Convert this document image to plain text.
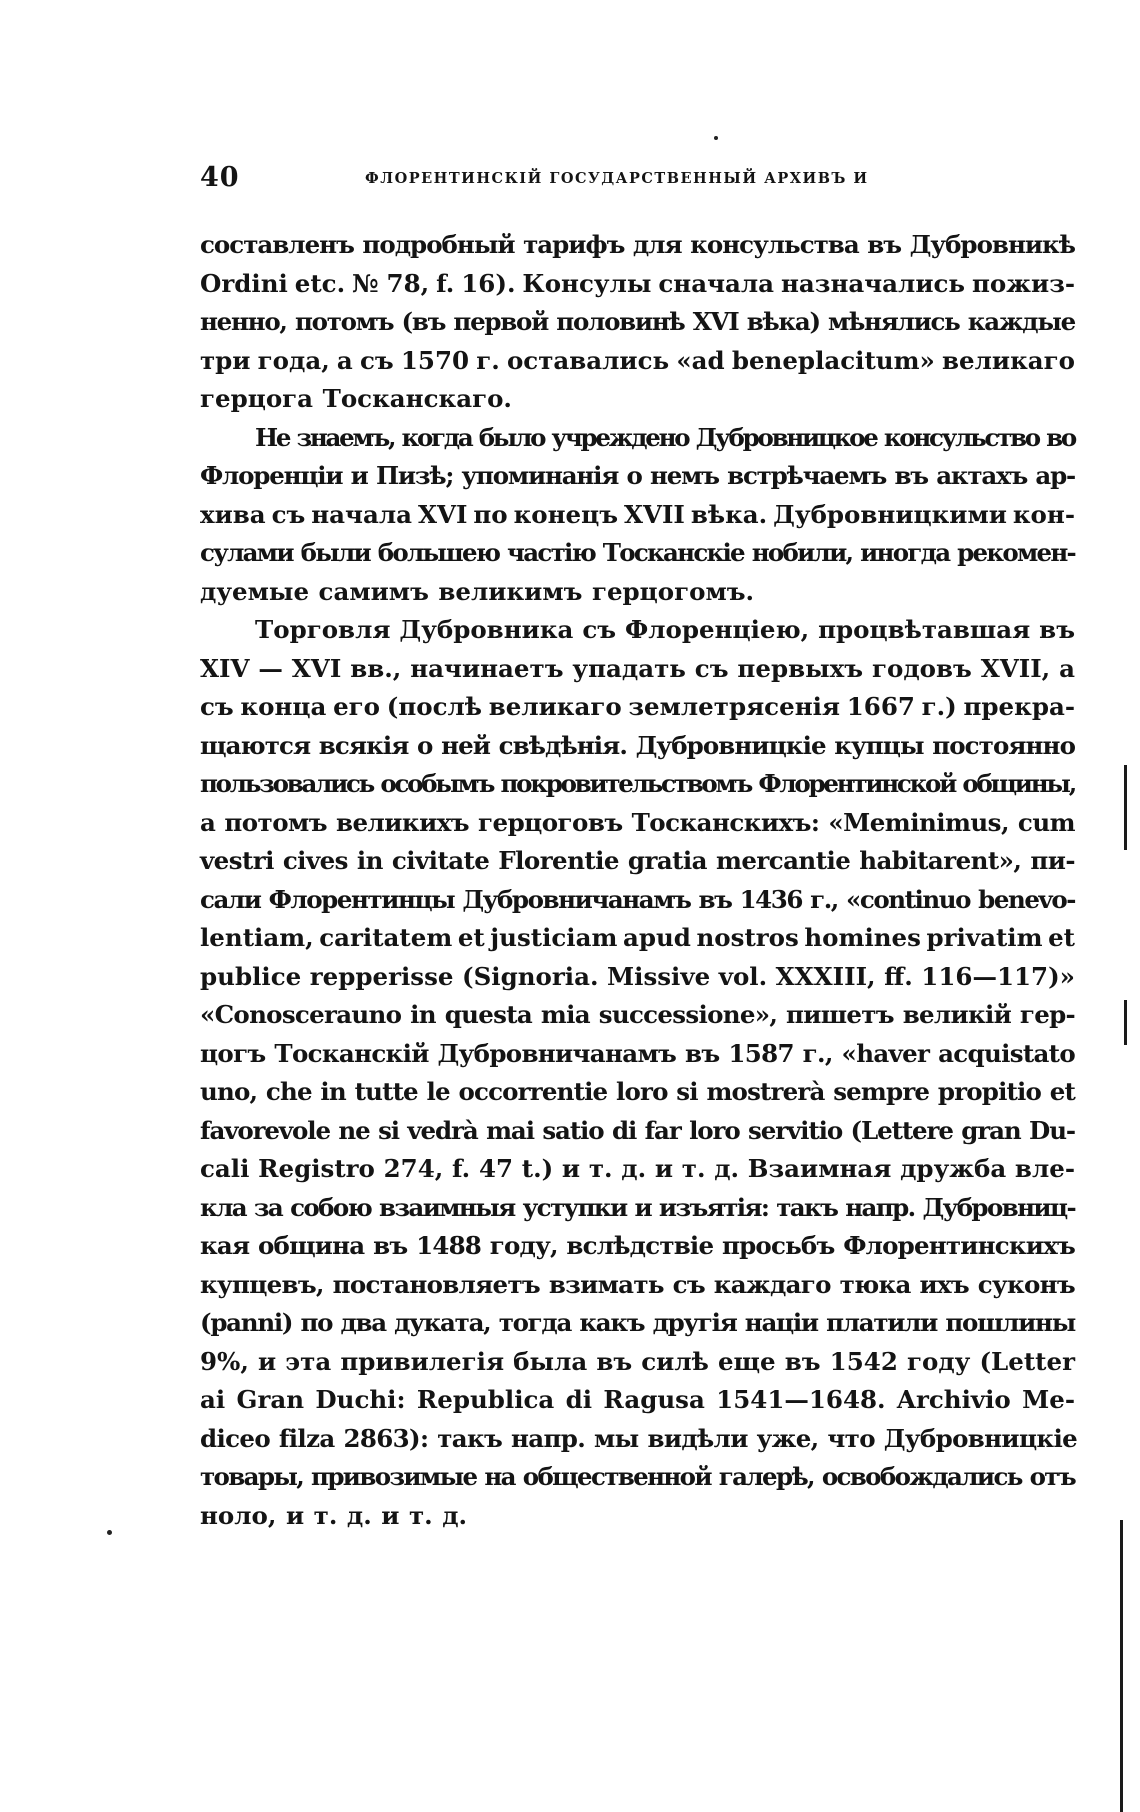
40	ФЛОРЕНТИНСКІЙ ГОСУДАРСТВЕННЫЙ АРХИВЪ И
составленъ подробный тарифъ для консульства въ Дубровникѣ
Ordini etc. № 78, f. 16). Консулы сначала назначались пожиз-
ненно, потомъ (въ первой половинѣ XVI вѣка) мѣнялись каждые
три года, а съ 1570 г. оставались «ad beneplacitum» великаго
герцога Тосканскаго.
Не знаемъ, когда было учреждено Дубровницкое консульство во
Флоренціи и Пизѣ; упоминанія о немъ встрѣчаемъ въ актахъ ар-
хива съ начала XVI по конецъ XVII вѣка. Дубровницкими кон-
сулами были большею частію Тосканскіе нобили, иногда рекомен-
дуемые самимъ великимъ герцогомъ.
Торговля Дубровника съ Флоренціею, процвѣтавшая въ
XIV — XVI вв., начинаетъ упадать съ первыхъ годовъ XVII, а
съ конца его (послѣ великаго землетрясенія 1667 г.) прекра-
щаются всякія о ней свѣдѣнія. Дубровницкіе купцы постоянно
пользовались особымъ покровительствомъ Флорентинской общины,
а потомъ великихъ герцоговъ Тосканскихъ: «Meminimus, cum
vestri cives in civitate Florentie gratia mercantie habitarent», пи-
сали Флорентинцы Дубровничанамъ въ 1436 г., «continuo benevo-
lentiam, caritatem et justiciam apud nostros homines privatim et
publice repperisse (Signoria. Missive vol. XXXIII, ff. 116—117)»
«Conoscerauno in questa mia successione», пишетъ великій гер-
цогъ Тосканскій Дубровничанамъ въ 1587 г., «haver acquistato
uno, che in tutte le occorrentie loro si mostrerà sempre propitio et
favorevole ne si vedrà mai satio di far loro servitio (Lettere gran Du-
cali Registro 274, f. 47 t.) и т. д. и т. д. Взаимная дружба вле-
кла за собою взаимныя уступки и изъятія: такъ напр. Дубровниц-
кая община въ 1488 году, вслѣдствіе просьбъ Флорентинскихъ
купцевъ, постановляетъ взимать съ каждаго тюка ихъ суконъ
(panni) по два дуката, тогда какъ другія націи платили пошлины
9%, и эта привилегія была въ силѣ еще въ 1542 году (Letter
ai Gran Duchi: Republica di Ragusa 1541—1648. Archivio Me-
diceo filza 2863): такъ напр. мы видѣли уже, что Дубровницкіе
товары, привозимые на общественной галерѣ, освобождались отъ
ноло, и т. д. и т. д.
